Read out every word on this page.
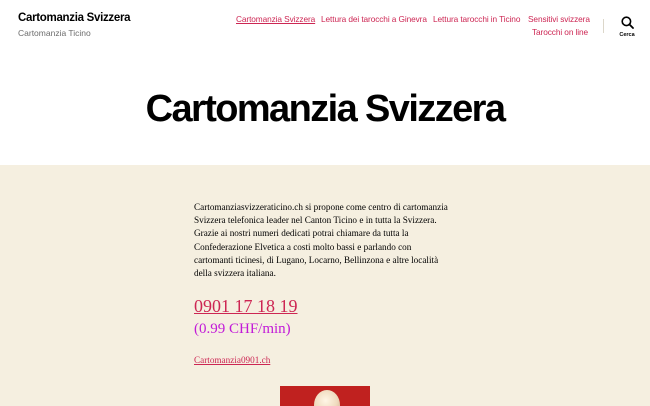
Cartomanzia Svizzera
Cartomanzia Ticino
Cartomanzia Svizzera Lettura dei tarocchi a Ginevra Lettura tarocchi in Ticino Sensitivi svizzera
Tarocchi on line	Cerca
Cartomanzia Svizzera
Cartomanziasvizzeraticino.ch si propone come centro di cartomanzia
Svizzera telefonica leader nel Canton Ticino e in tutta la Svizzera.
Grazie ai nostri numeri dedicati potrai chiamare da tutta la
Confederazione Elvetica a costi molto bassi e parlando con
cartomanti ticinesi, di Lugano, Locarno, Bellinzona e altre località
della svizzera italiana.
0901 17 18 19
(0.99 CHF/min)
Cartomanzia0901.ch
